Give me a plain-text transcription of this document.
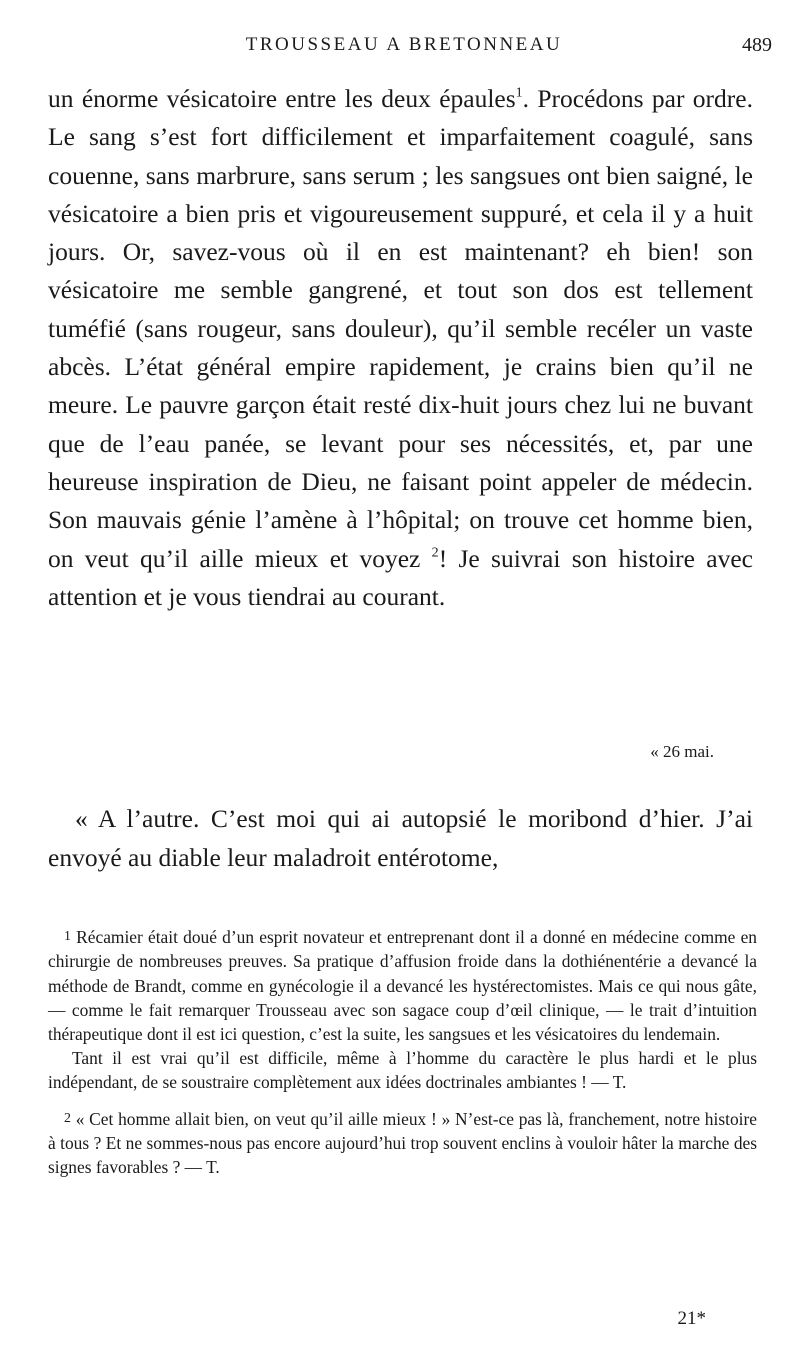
TROUSSEAU A BRETONNEAU	489

un énorme vésicatoire entre les deux épaules$^1$. Procédons par ordre. Le sang s’est fort difficilement et imparfaitement coagulé, sans couenne, sans marbrure, sans serum ; les sangsues ont bien saigné, le vésicatoire a bien pris et vigoureusement suppuré, et cela il y a huit jours. Or, savez-vous où il en est maintenant? eh bien! son vésicatoire me semble gangrené, et tout son dos est tellement tuméfié (sans rougeur, sans douleur), qu’il semble recéler un vaste abcès. L’état général empire rapidement, je crains bien qu’il ne meure. Le pauvre garçon était resté dix-huit jours chez lui ne buvant que de l’eau panée, se levant pour ses nécessités, et, par une heureuse inspiration de Dieu, ne faisant point appeler de médecin. Son mauvais génie l’amène à l’hôpital; on trouve cet homme bien, on veut qu’il aille mieux et voyez $^2$! Je suivrai son histoire avec attention et je vous tiendrai au courant.

« 26 mai.

« A l’autre. C’est moi qui ai autopsié le moribond d’hier. J’ai envoyé au diable leur maladroit entérotome,

1 Récamier était doué d’un esprit novateur et entreprenant dont il a donné en médecine comme en chirurgie de nombreuses preuves. Sa pratique d’affusion froide dans la dothiénentérie a devancé la méthode de Brandt, comme en gynécologie il a devancé les hystérectomistes. Mais ce qui nous gâte, — comme le fait remarquer Trousseau avec son sagace coup d’œil clinique, — le trait d’intuition thérapeutique dont il est ici question, c’est la suite, les sangsues et les vésicatoires du lendemain.

Tant il est vrai qu’il est difficile, même à l’homme du caractère le plus hardi et le plus indépendant, de se soustraire complètement aux idées doctrinales ambiantes ! — T.

2 « Cet homme allait bien, on veut qu’il aille mieux ! » N’est-ce pas là, franchement, notre histoire à tous ? Et ne sommes-nous pas encore aujourd’hui trop souvent enclins à vouloir hâter la marche des signes favorables ? — T.

21*
